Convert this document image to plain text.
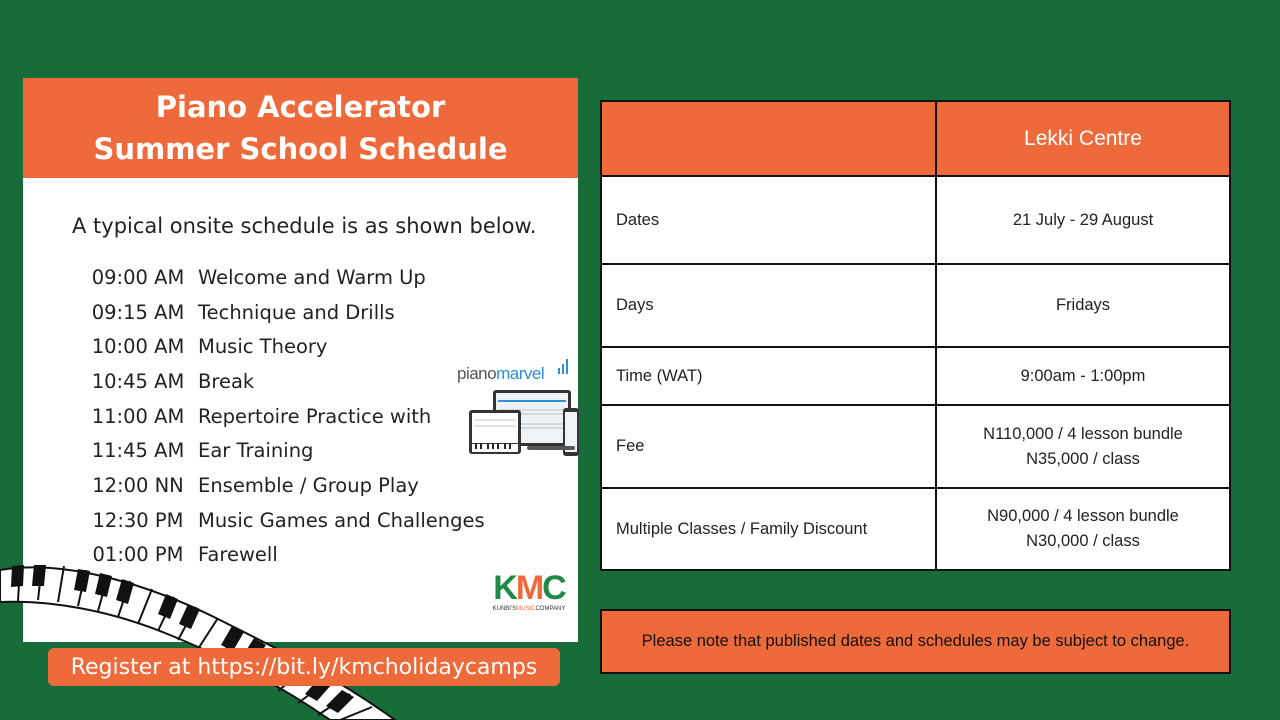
Piano Accelerator
Summer School Schedule
A typical onsite schedule is as shown below.
09:00 AM Welcome and Warm Up
09:15 AM Technique and Drills
10:00 AM Music Theory
10:45 AM Break
11:00 AM Repertoire Practice with
11:45 AM Ear Training
12:00 NN Ensemble / Group Play
12:30 PM Music Games and Challenges
01:00 PM Farewell
pianomarvel
KMC
KUNBI'SMUSICCOMPANY
Register at https://bit.ly/kmcholidaycamps
	Lekki Centre
Dates	21 July - 29 August

Days	Fridays

Time (WAT)	9:00am - 1:00pm

Fee	N110,000 / 4 lesson bundle
N35,000 / class

Multiple Classes / Family Discount	N90,000 / 4 lesson bundle
N30,000 / class
Please note that published dates and schedules may be subject to change.
